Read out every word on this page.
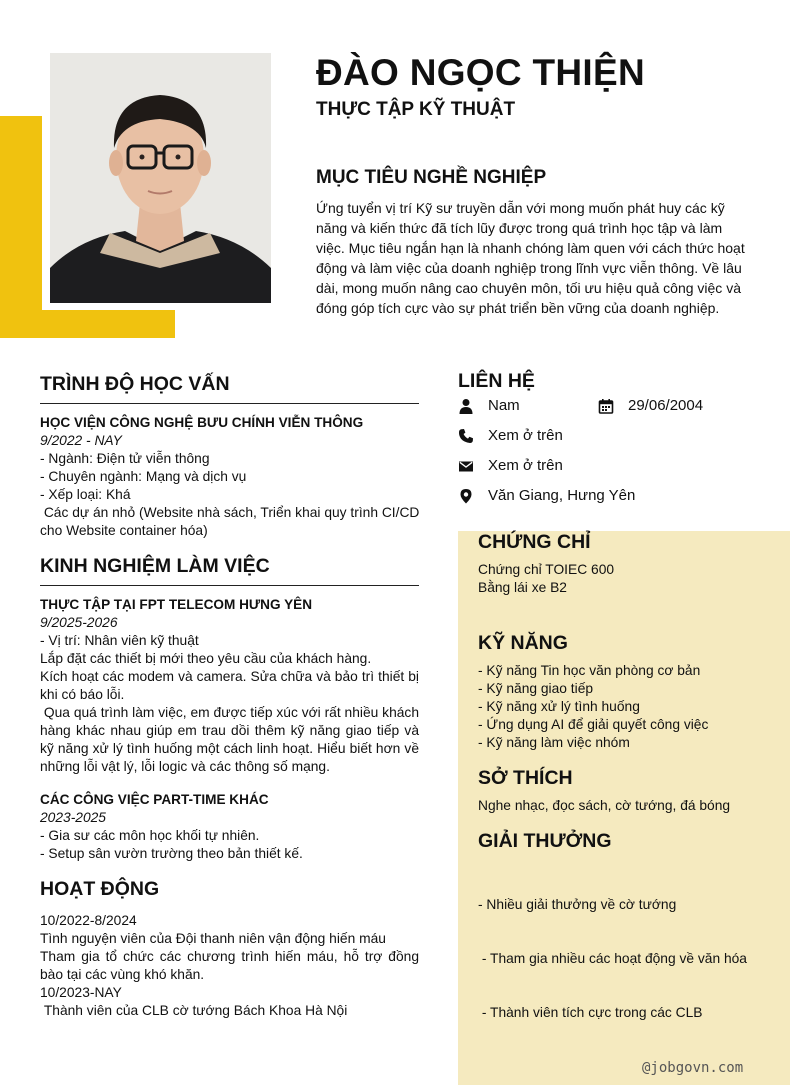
ĐÀO NGỌC THIỆN
THỰC TẬP KỸ THUẬT
MỤC TIÊU NGHỀ NGHIỆP
Ứng tuyển vị trí Kỹ sư truyền dẫn với mong muốn phát huy các kỹ năng và kiến thức đã tích lũy được trong quá trình học tập và làm việc. Mục tiêu ngắn hạn là nhanh chóng làm quen với cách thức hoạt động và làm việc của doanh nghiệp trong lĩnh vực viễn thông. Về lâu dài, mong muốn nâng cao chuyên môn, tối ưu hiệu quả công việc và đóng góp tích cực vào sự phát triển bền vững của doanh nghiệp.
TRÌNH ĐỘ HỌC VẤN
HỌC VIỆN CÔNG NGHỆ BƯU CHÍNH VIỄN THÔNG
9/2022 - NAY
- Ngành: Điện tử viễn thông
- Chuyên ngành: Mạng và dịch vụ
- Xếp loại: Khá
Các dự án nhỏ (Website nhà sách, Triển khai quy trình CI/CD cho Website container hóa)
KINH NGHIỆM LÀM VIỆC
THỰC TẬP TẠI FPT TELECOM HƯNG YÊN
9/2025-2026
- Vị trí: Nhân viên kỹ thuật
Lắp đặt các thiết bị mới theo yêu cầu của khách hàng.
Kích hoạt các modem và camera. Sửa chữa và bảo trì thiết bị khi có báo lỗi.
Qua quá trình làm việc, em được tiếp xúc với rất nhiều khách hàng khác nhau giúp em trau dồi thêm kỹ năng giao tiếp và kỹ năng xử lý tình huống một cách linh hoạt. Hiểu biết hơn về những lỗi vật lý, lỗi logic và các thông số mạng.
CÁC CÔNG VIỆC PART-TIME KHÁC
2023-2025
- Gia sư các môn học khối tự nhiên.
- Setup sân vườn trường theo bản thiết kế.
HOẠT ĐỘNG
10/2022-8/2024
Tình nguyện viên của Đội thanh niên vận động hiến máu
Tham gia tổ chức các chương trình hiến máu, hỗ trợ đồng bào tại các vùng khó khăn.
10/2023-NAY
Thành viên của CLB cờ tướng Bách Khoa Hà Nội
LIÊN HỆ
Nam	29/06/2004
Xem ở trên
Xem ở trên
Văn Giang, Hưng Yên
CHỨNG CHỈ
Chứng chỉ TOIEC 600
Bằng lái xe B2
KỸ NĂNG
- Kỹ năng Tin học văn phòng cơ bản
- Kỹ năng giao tiếp
- Kỹ năng xử lý tình huống
- Ứng dụng AI để giải quyết công việc
- Kỹ năng làm việc nhóm
SỞ THÍCH
Nghe nhạc, đọc sách, cờ tướng, đá bóng
GIẢI THƯỞNG

- Nhiều giải thưởng về cờ tướng

- Tham gia nhiều các hoạt động về văn hóa

- Thành viên tích cực trong các CLB

@jobgovn.com
